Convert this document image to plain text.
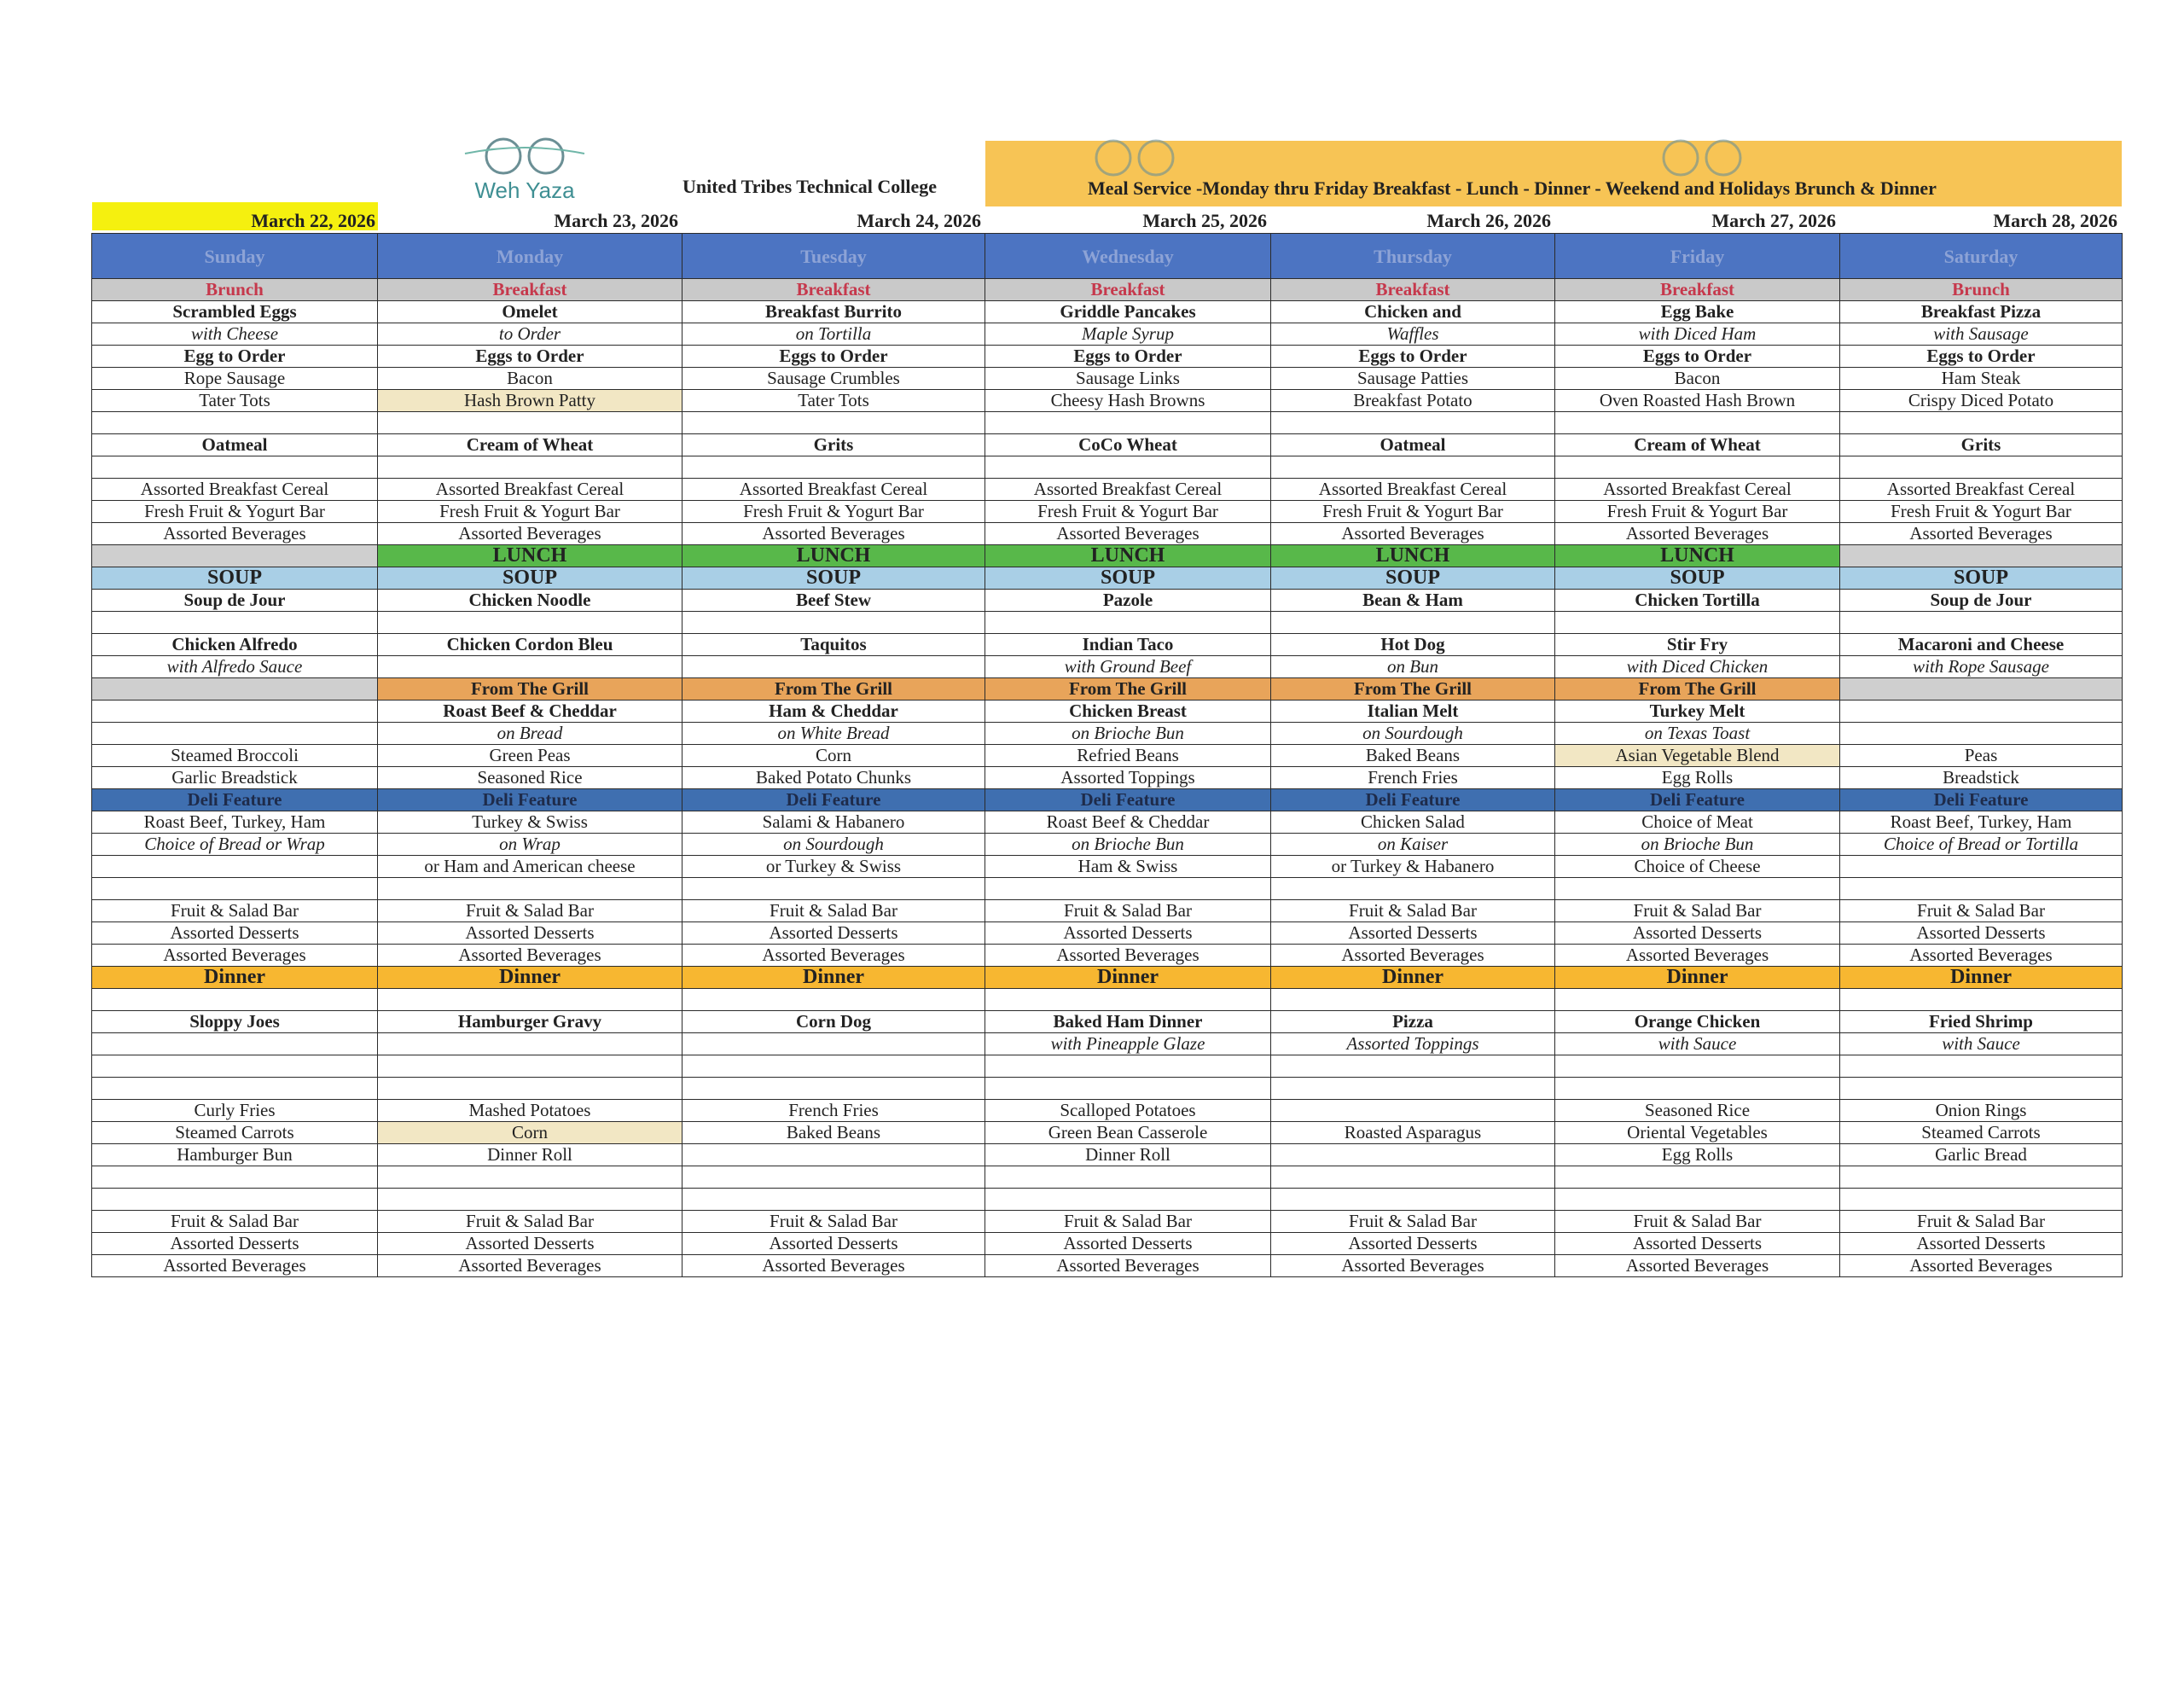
Weh Yaza	United Tribes Technical College	Meal Service -Monday thru Friday Breakfast - Lunch - Dinner - Weekend and Holidays Brunch & Dinner
March 22, 2026	March 23, 2026	March 24, 2026	March 25, 2026	March 26, 2026	March 27, 2026	March 28, 2026
Sunday	Monday	Tuesday	Wednesday	Thursday	Friday	Saturday
Brunch	Breakfast	Breakfast	Breakfast	Breakfast	Breakfast	Brunch
Scrambled Eggs	Omelet	Breakfast Burrito	Griddle Pancakes	Chicken and	Egg Bake	Breakfast Pizza
with Cheese	to Order	on Tortilla	Maple Syrup	Waffles	with Diced Ham	with Sausage
Egg to Order	Eggs to Order	Eggs to Order	Eggs to Order	Eggs to Order	Eggs to Order	Eggs to Order
Rope Sausage	Bacon	Sausage Crumbles	Sausage Links	Sausage Patties	Bacon	Ham Steak
Tater Tots	Hash Brown Patty	Tater Tots	Cheesy Hash Browns	Breakfast Potato	Oven Roasted Hash Brown	Crispy Diced Potato

Oatmeal	Cream of Wheat	Grits	CoCo Wheat	Oatmeal	Cream of Wheat	Grits

Assorted Breakfast Cereal	Assorted Breakfast Cereal	Assorted Breakfast Cereal	Assorted Breakfast Cereal	Assorted Breakfast Cereal	Assorted Breakfast Cereal	Assorted Breakfast Cereal
Fresh Fruit & Yogurt Bar	Fresh Fruit & Yogurt Bar	Fresh Fruit & Yogurt Bar	Fresh Fruit & Yogurt Bar	Fresh Fruit & Yogurt Bar	Fresh Fruit & Yogurt Bar	Fresh Fruit & Yogurt Bar
Assorted Beverages	Assorted Beverages	Assorted Beverages	Assorted Beverages	Assorted Beverages	Assorted Beverages	Assorted Beverages
	LUNCH	LUNCH	LUNCH	LUNCH	LUNCH	
SOUP	SOUP	SOUP	SOUP	SOUP	SOUP	SOUP
Soup de Jour	Chicken Noodle	Beef Stew	Pazole	Bean & Ham	Chicken Tortilla	Soup de Jour

Chicken Alfredo	Chicken Cordon Bleu	Taquitos	Indian Taco	Hot Dog	Stir Fry	Macaroni and Cheese
with Alfredo Sauce			with Ground Beef	on Bun	with Diced Chicken	with Rope Sausage
	From The Grill	From The Grill	From The Grill	From The Grill	From The Grill	
	Roast Beef & Cheddar	Ham & Cheddar	Chicken Breast	Italian Melt	Turkey Melt	
	on Bread	on White Bread	on Brioche Bun	on Sourdough	on Texas Toast	
Steamed Broccoli	Green Peas	Corn	Refried Beans	Baked Beans	Asian Vegetable Blend	Peas
Garlic Breadstick	Seasoned Rice	Baked Potato Chunks	Assorted Toppings	French Fries	Egg Rolls	Breadstick
Deli Feature	Deli Feature	Deli Feature	Deli Feature	Deli Feature	Deli Feature	Deli Feature
Roast Beef, Turkey, Ham	Turkey & Swiss	Salami & Habanero	Roast Beef & Cheddar	Chicken Salad	Choice of Meat	Roast Beef, Turkey, Ham
Choice of Bread or Wrap	on Wrap	on Sourdough	on Brioche Bun	on Kaiser	on Brioche Bun	Choice of Bread or Tortilla
	or Ham and American cheese	or Turkey & Swiss	Ham & Swiss	or Turkey & Habanero	Choice of Cheese	

Fruit & Salad Bar	Fruit & Salad Bar	Fruit & Salad Bar	Fruit & Salad Bar	Fruit & Salad Bar	Fruit & Salad Bar	Fruit & Salad Bar
Assorted Desserts	Assorted Desserts	Assorted Desserts	Assorted Desserts	Assorted Desserts	Assorted Desserts	Assorted Desserts
Assorted Beverages	Assorted Beverages	Assorted Beverages	Assorted Beverages	Assorted Beverages	Assorted Beverages	Assorted Beverages
Dinner	Dinner	Dinner	Dinner	Dinner	Dinner	Dinner

Sloppy Joes	Hamburger Gravy	Corn Dog	Baked Ham Dinner	Pizza	Orange Chicken	Fried Shrimp
			with Pineapple Glaze	Assorted Toppings	with Sauce	with Sauce

Curly Fries	Mashed Potatoes	French Fries	Scalloped Potatoes		Seasoned Rice	Onion Rings
Steamed Carrots	Corn	Baked Beans	Green Bean Casserole	Roasted Asparagus	Oriental Vegetables	Steamed Carrots
Hamburger Bun	Dinner Roll		Dinner Roll		Egg Rolls	Garlic Bread

Fruit & Salad Bar	Fruit & Salad Bar	Fruit & Salad Bar	Fruit & Salad Bar	Fruit & Salad Bar	Fruit & Salad Bar	Fruit & Salad Bar
Assorted Desserts	Assorted Desserts	Assorted Desserts	Assorted Desserts	Assorted Desserts	Assorted Desserts	Assorted Desserts
Assorted Beverages	Assorted Beverages	Assorted Beverages	Assorted Beverages	Assorted Beverages	Assorted Beverages	Assorted Beverages
